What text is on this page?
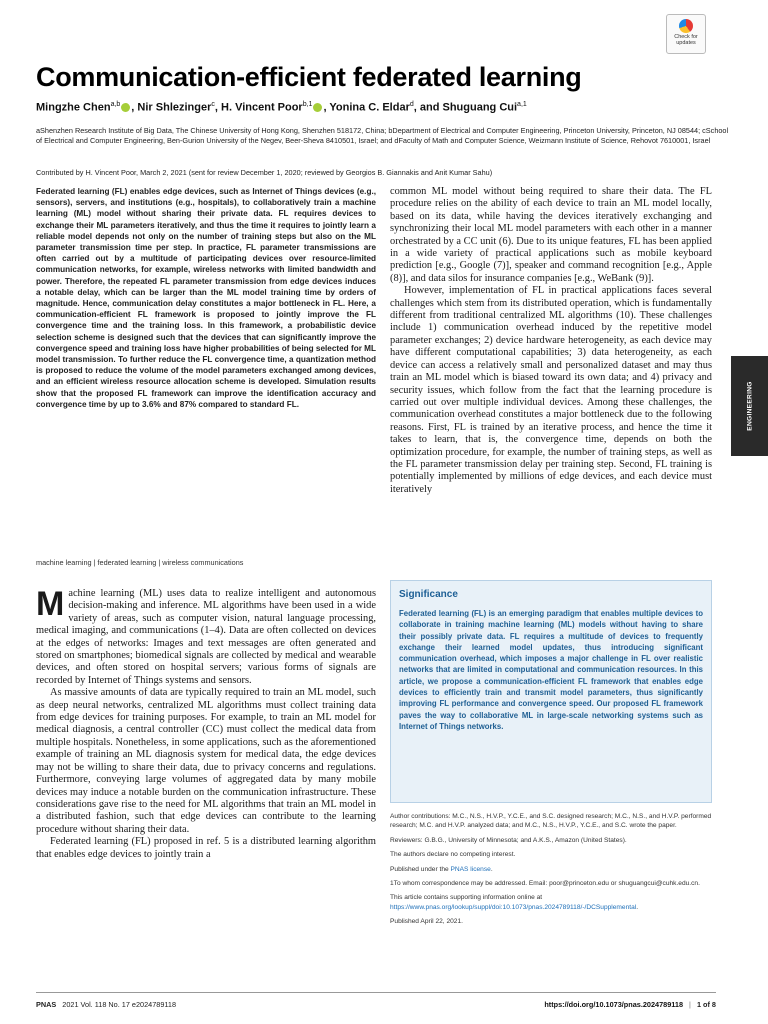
Check for updates
Communication-efficient federated learning
Mingzhe Chen$^{a,b}$ , Nir Shlezinger$^c$, H. Vincent Poor$^{b,1}$ , Yonina C. Eldar$^d$, and Shuguang Cui$^{a,1}$
aShenzhen Research Institute of Big Data, The Chinese University of Hong Kong, Shenzhen 518172, China; bDepartment of Electrical and Computer Engineering, Princeton University, Princeton, NJ 08544; cSchool of Electrical and Computer Engineering, Ben-Gurion University of the Negev, Beer-Sheva 8410501, Israel; and dFaculty of Math and Computer Science, Weizmann Institute of Science, Rehovot 7610001, Israel
Contributed by H. Vincent Poor, March 2, 2021 (sent for review December 1, 2020; reviewed by Georgios B. Giannakis and Anit Kumar Sahu)
Federated learning (FL) enables edge devices, such as Internet of Things devices (e.g., sensors), servers, and institutions (e.g., hospitals), to collaboratively train a machine learning (ML) model without sharing their private data. FL requires devices to exchange their ML parameters iteratively, and thus the time it requires to jointly learn a reliable model depends not only on the number of training steps but also on the ML parameter transmission time per step. In practice, FL parameter transmissions are often carried out by a multitude of participating devices over resource-limited communication networks, for example, wireless networks with limited bandwidth and power. Therefore, the repeated FL parameter transmission from edge devices induces a notable delay, which can be larger than the ML model training time by orders of magnitude. Hence, communication delay constitutes a major bottleneck in FL. Here, a communication-efficient FL framework is proposed to jointly improve the FL convergence time and the training loss. In this framework, a probabilistic device selection scheme is designed such that the devices that can significantly improve the convergence speed and training loss have higher probabilities of being selected for ML model transmission. To further reduce the FL convergence time, a quantization method is proposed to reduce the volume of the model parameters exchanged among devices, and an efficient wireless resource allocation scheme is developed. Simulation results show that the proposed FL framework can improve the identification accuracy and convergence time by up to 3.6% and 87% compared to standard FL.
machine learning | federated learning | wireless communications

Machine learning (ML) uses data to realize intelligent and autonomous decision-making and inference. ML algorithms have been used in a wide variety of areas, such as computer vision, natural language processing, medical imaging, and communications (1–4). Data are often collected on devices at the edges of networks: Images and text messages are often generated and stored on smartphones; biomedical signals are collected by medical and wearable devices, and often stored on hospital servers; various forms of signals are recorded by Internet of Things systems and sensors.

As massive amounts of data are typically required to train an ML model, such as deep neural networks, centralized ML algorithms must collect training data from edge devices for training purposes. For example, to train an ML model for medical diagnosis, a central controller (CC) must collect the medical data from multiple hospitals. Nonetheless, in some applications, such as the aforementioned example of training an ML diagnosis system for medical data, the edge devices may not be willing to share their data, due to privacy concerns and regulations. Furthermore, conveying large volumes of aggregated data by many mobile devices may induce a notable burden on the communication infrastructure. These considerations gave rise to the need for ML algorithms that train an ML model in a distributed fashion, such that edge devices can contribute to the learning procedure without sharing their data.

Federated learning (FL) proposed in ref. 5 is a distributed learning algorithm that enables edge devices to jointly train a

common ML model without being required to share their data. The FL procedure relies on the ability of each device to train an ML model locally, based on its data, while having the devices iteratively exchanging and synchronizing their local ML model parameters with each other in a manner orchestrated by a CC unit (6). Due to its unique features, FL has been applied in a wide variety of practical applications such as mobile keyboard prediction [e.g., Google (7)], speaker and command recognition [e.g., Apple (8)], and data silos for insurance companies [e.g., WeBank (9)].

However, implementation of FL in practical applications faces several challenges which stem from its distributed operation, which is fundamentally different from traditional centralized ML algorithms (10). These challenges include 1) communication overhead induced by the repetitive model parameter exchanges; 2) device hardware heterogeneity, as each device may have different computational capabilities; 3) data heterogeneity, as each device can access a relatively small and personalized dataset and may thus train an ML model which is biased toward its own data; and 4) privacy and security issues, which follow from the fact that the learning procedure is carried out over multiple individual devices. Among these challenges, the communication overhead constitutes a major bottleneck due to the following reasons. First, FL is trained by an iterative process, and hence the time it takes to learn, that is, the convergence time, depends on both the optimization procedure, for example, the number of training steps, as well as the FL parameter transmission delay per training step. Second, FL training is potentially implemented by millions of edge devices, and each device must iteratively

Significance

Federated learning (FL) is an emerging paradigm that enables multiple devices to collaborate in training machine learning (ML) models without having to share their possibly private data. FL requires a multitude of devices to frequently exchange their learned model updates, thus introducing significant communication overhead, which imposes a major challenge in FL over realistic networks that are limited in computational and communication resources. In this article, we propose a communication-efficient FL framework that enables edge devices to efficiently train and transmit model parameters, thus significantly improving FL performance and convergence speed. Our proposed FL framework paves the way to collaborative ML in large-scale networking systems such as Internet of Things networks.

Author contributions: M.C., N.S., H.V.P., Y.C.E., and S.C. designed research; M.C., N.S., and H.V.P. performed research; M.C. and H.V.P. analyzed data; and M.C., N.S., H.V.P., Y.C.E., and S.C. wrote the paper.

Reviewers: G.B.G., University of Minnesota; and A.K.S., Amazon (United States).

The authors declare no competing interest.

Published under the PNAS license.

1To whom correspondence may be addressed. Email: poor@princeton.edu or shuguangcui@cuhk.edu.cn.

This article contains supporting information online at https://www.pnas.org/lookup/suppl/doi:10.1073/pnas.2024789118/-/DCSupplemental.

Published April 22, 2021.

ENGINEERING
PNAS 2021 Vol. 118 No. 17 e2024789118	https://doi.org/10.1073/pnas.2024789118 | 1 of 8
